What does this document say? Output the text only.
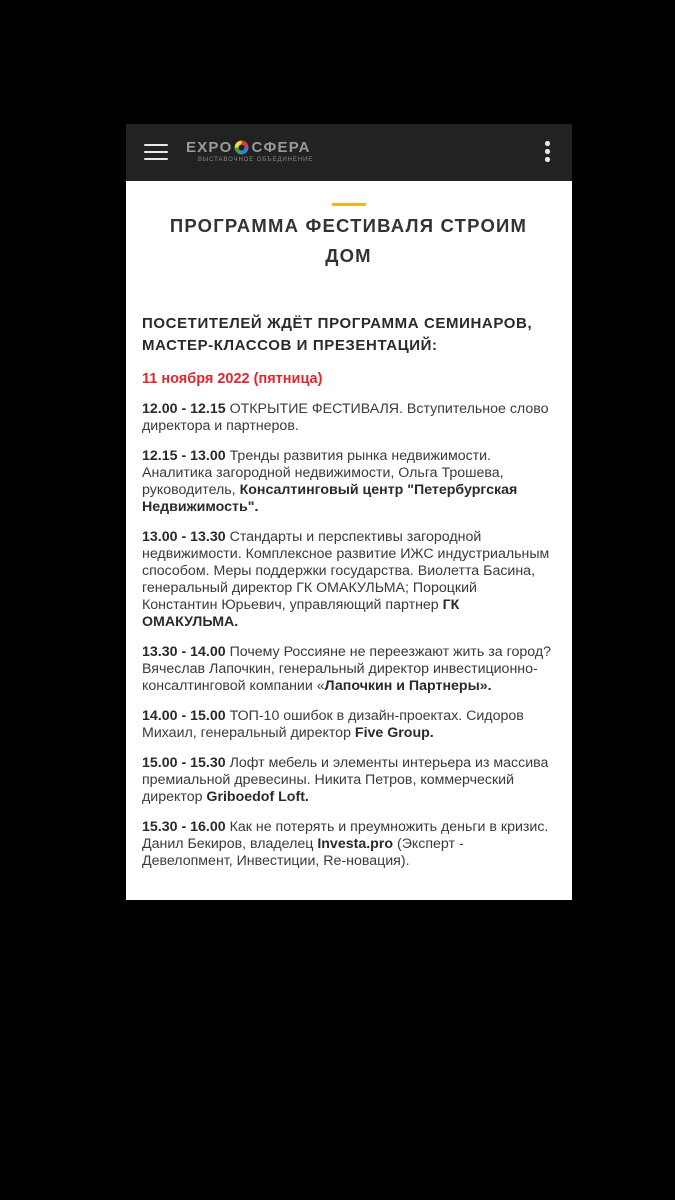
EXPO СФЕРА
ВЫСТАВОЧНОЕ ОБЪЕДИНЕНИЕ
ПРОГРАММА ФЕСТИВАЛЯ СТРОИМ ДОМ
ПОСЕТИТЕЛЕЙ ЖДЁТ ПРОГРАММА СЕМИНАРОВ, МАСТЕР-КЛАССОВ И ПРЕЗЕНТАЦИЙ:
11 ноября 2022 (пятница)
12.00 - 12.15 ОТКРЫТИЕ ФЕСТИВАЛЯ. Вступительное слово директора и партнеров.
12.15 - 13.00 Тренды развития рынка недвижимости. Аналитика загородной недвижимости, Ольга Трошева, руководитель, Консалтинговый центр "Петербургская Недвижимость".
13.00 - 13.30 Стандарты и перспективы загородной недвижимости. Комплексное развитие ИЖС индустриальным способом. Меры поддержки государства. Виолетта Басина, генеральный директор ГК ОМАКУЛЬМА; Пороцкий Константин Юрьевич, управляющий партнер ГК ОМАКУЛЬМА.
13.30 - 14.00 Почему Россияне не переезжают жить за город? Вячеслав Лапочкин, генеральный директор инвестиционно-консалтинговой компании «Лапочкин и Партнеры».
14.00 - 15.00 ТОП-10 ошибок в дизайн-проектах. Сидоров Михаил, генеральный директор Five Group.
15.00 - 15.30 Лофт мебель и элементы интерьера из массива премиальной древесины. Никита Петров, коммерческий директор Griboedof Loft.
15.30 - 16.00 Как не потерять и преумножить деньги в кризис. Данил Бекиров, владелец Investa.pro (Эксперт - Девелопмент, Инвестиции, Re-новация).
